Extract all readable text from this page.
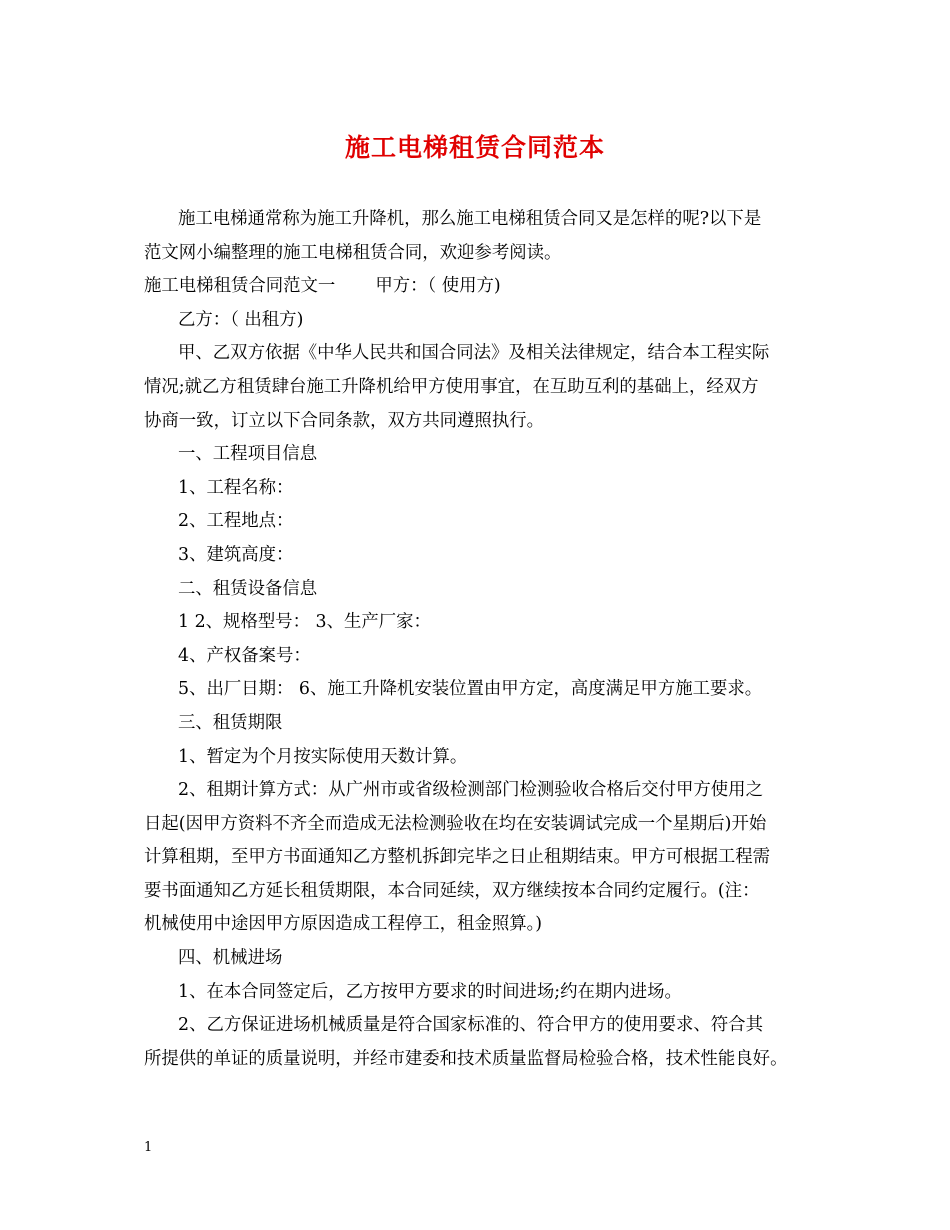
施工电梯租赁合同范本

施工电梯通常称为施工升降机，那么施工电梯租赁合同又是怎样的呢?以下是

范文网小编整理的施工电梯租赁合同，欢迎参考阅读。

施工电梯租赁合同范文一 甲方：（ 使用方)

乙方：（ 出租方)

甲、乙双方依据《中华人民共和国合同法》及相关法律规定，结合本工程实际

情况;就乙方租赁肆台施工升降机给甲方使用事宜，在互助互利的基础上，经双方

协商一致，订立以下合同条款，双方共同遵照执行。

一、工程项目信息

1、工程名称：

2、工程地点：

3、建筑高度：

二、租赁设备信息

1 2、规格型号： 3、生产厂家：

4、产权备案号：

5、出厂日期： 6、施工升降机安装位置由甲方定，高度满足甲方施工要求。

三、租赁期限

1、暂定为个月按实际使用天数计算。

2、租期计算方式：从广州市或省级检测部门检测验收合格后交付甲方使用之

日起(因甲方资料不齐全而造成无法检测验收在均在安装调试完成一个星期后)开始

计算租期，至甲方书面通知乙方整机拆卸完毕之日止租期结束。甲方可根据工程需

要书面通知乙方延长租赁期限，本合同延续，双方继续按本合同约定履行。(注：

机械使用中途因甲方原因造成工程停工，租金照算。)

四、机械进场

1、在本合同签定后，乙方按甲方要求的时间进场;约在期内进场。

2、乙方保证进场机械质量是符合国家标准的、符合甲方的使用要求、符合其

所提供的单证的质量说明，并经市建委和技术质量监督局检验合格，技术性能良好。

1
